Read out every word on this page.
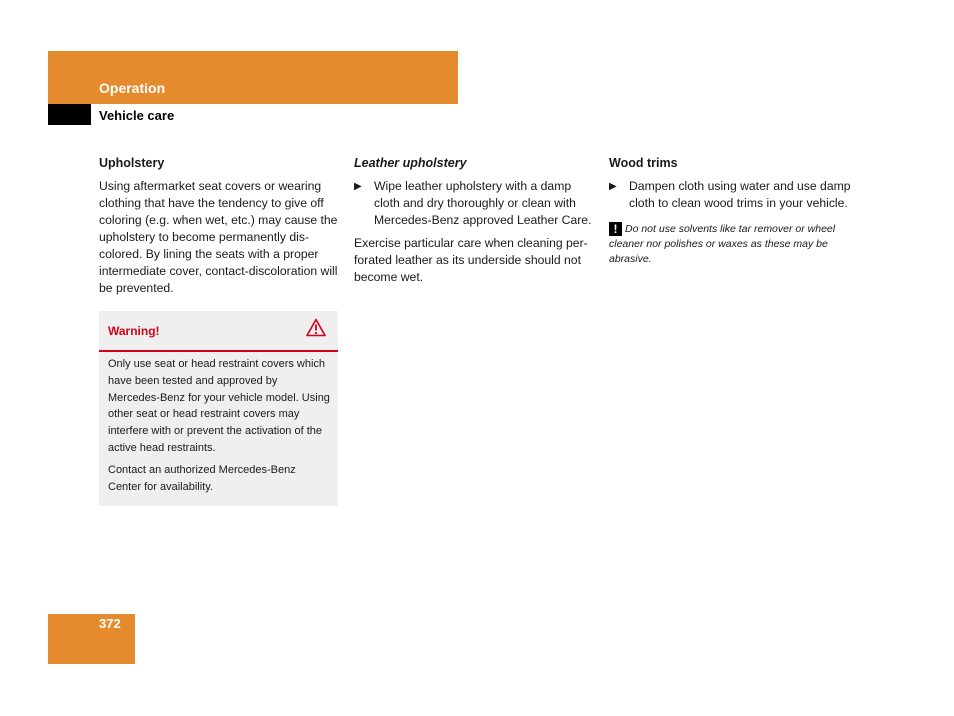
Operation
Vehicle care
Upholstery

Using aftermarket seat covers or wearing clothing that have the tendency to give off coloring (e.g. when wet, etc.) may cause the upholstery to become permanently dis-colored. By lining the seats with a proper intermediate cover, contact-discoloration will be prevented.

Warning!

Only use seat or head restraint covers which have been tested and approved by Mercedes-Benz for your vehicle model. Using other seat or head restraint covers may interfere with or prevent the activation of the active head restraints.

Contact an authorized Mercedes-Benz Center for availability.

Leather upholstery
▶ Wipe leather upholstery with a damp cloth and dry thoroughly or clean with Mercedes-Benz approved Leather Care.

Exercise particular care when cleaning per-forated leather as its underside should not become wet.

Wood trims
▶ Dampen cloth using water and use damp cloth to clean wood trims in your vehicle.
! Do not use solvents like tar remover or wheel cleaner nor polishes or waxes as these may be abrasive.
372
